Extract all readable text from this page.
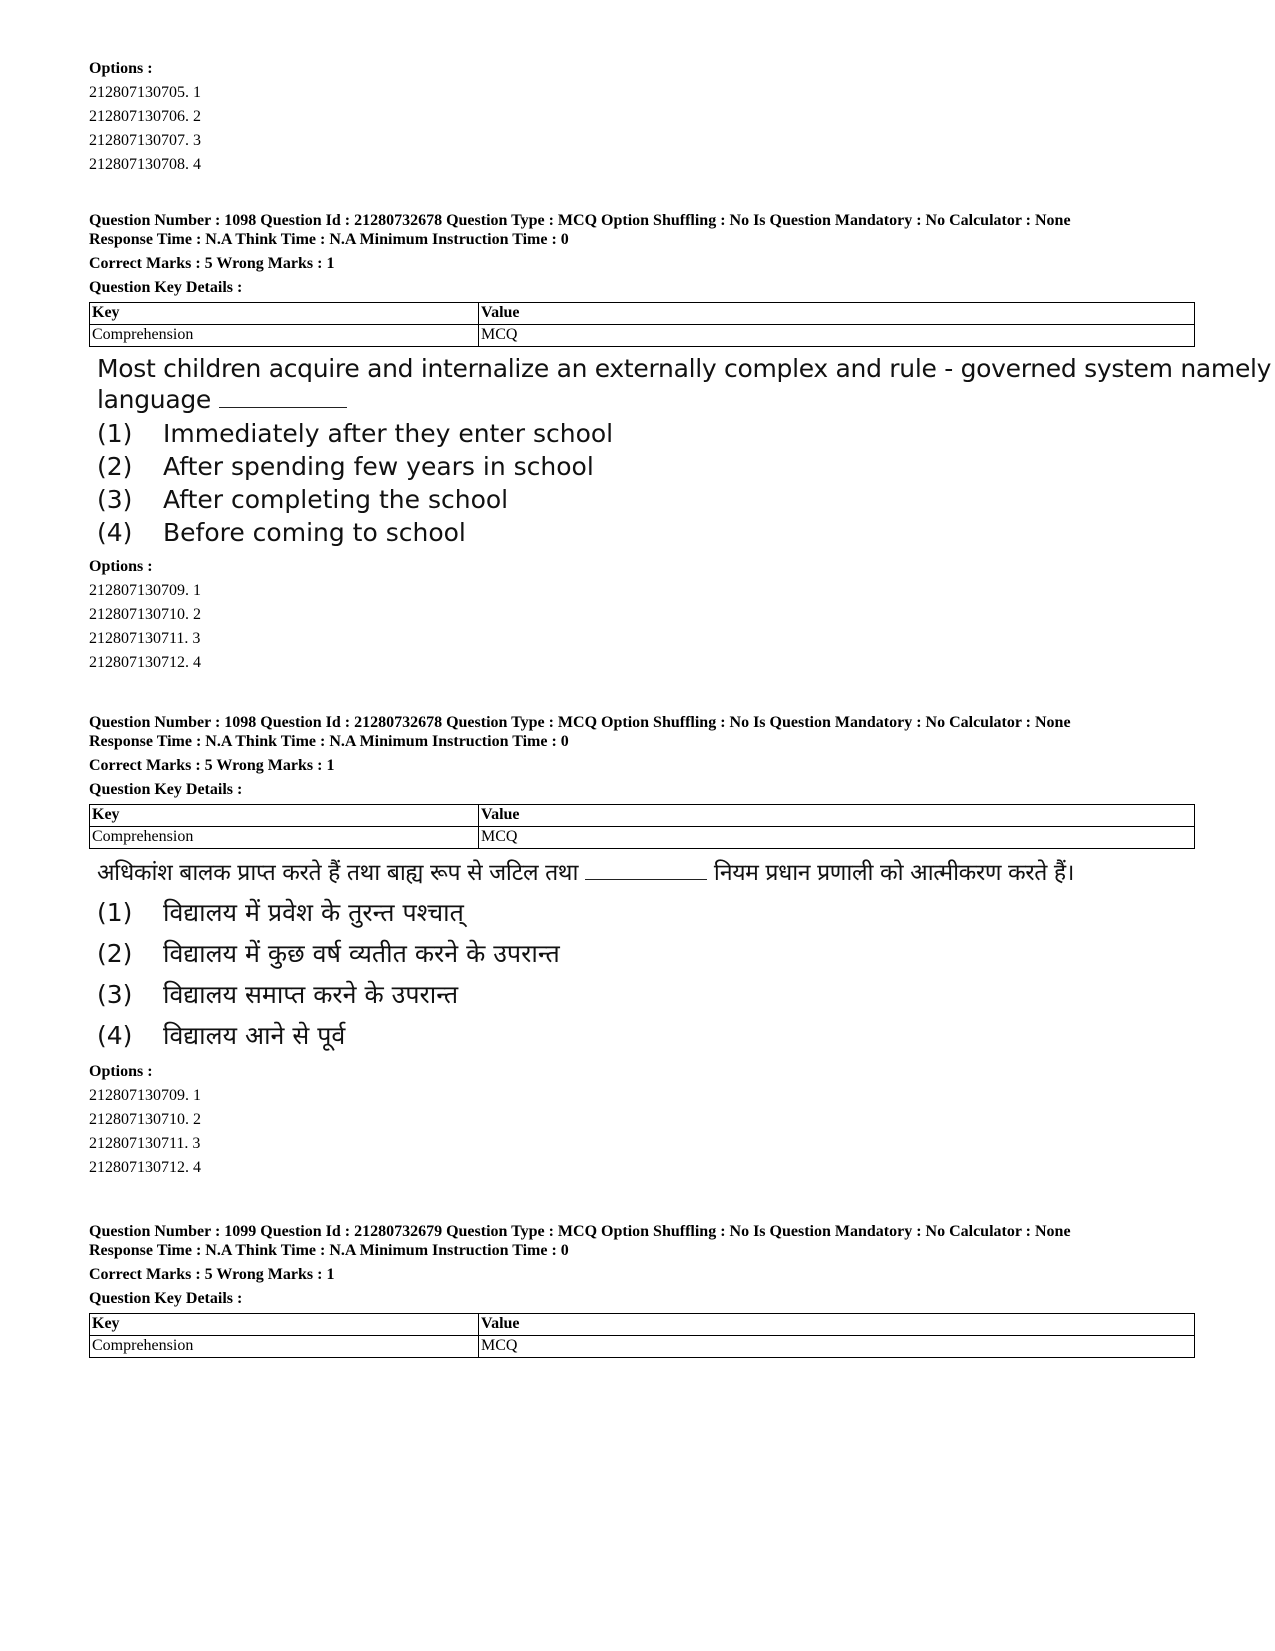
Options :
212807130705. 1
212807130706. 2
212807130707. 3
212807130708. 4
Question Number : 1098 Question Id : 21280732678 Question Type : MCQ Option Shuffling : No Is Question Mandatory : No Calculator : None
Response Time : N.A Think Time : N.A Minimum Instruction Time : 0
Correct Marks : 5 Wrong Marks : 1
Question Key Details :
Key	Value
Comprehension	MCQ
Most children acquire and internalize an externally complex and rule - governed system namely
language
(1)	Immediately after they enter school
(2)	After spending few years in school
(3)	After completing the school
(4)	Before coming to school
Options :
212807130709. 1
212807130710. 2
212807130711. 3
212807130712. 4
Question Number : 1098 Question Id : 21280732678 Question Type : MCQ Option Shuffling : No Is Question Mandatory : No Calculator : None
Response Time : N.A Think Time : N.A Minimum Instruction Time : 0
Correct Marks : 5 Wrong Marks : 1
Question Key Details :
Key	Value
Comprehension	MCQ
अधिकांश बालक प्राप्त करते हैं तथा बाह्य रूप से जटिल तथा	नियम प्रधान प्रणाली को आत्मीकरण करते हैं।
(1)	विद्यालय में प्रवेश के तुरन्त पश्चात्
(2)	विद्यालय में कुछ वर्ष व्यतीत करने के उपरान्त
(3)	विद्यालय समाप्त करने के उपरान्त
(4)	विद्यालय आने से पूर्व
Options :
212807130709. 1
212807130710. 2
212807130711. 3
212807130712. 4
Question Number : 1099 Question Id : 21280732679 Question Type : MCQ Option Shuffling : No Is Question Mandatory : No Calculator : None
Response Time : N.A Think Time : N.A Minimum Instruction Time : 0
Correct Marks : 5 Wrong Marks : 1
Question Key Details :
Key	Value
Comprehension	MCQ
